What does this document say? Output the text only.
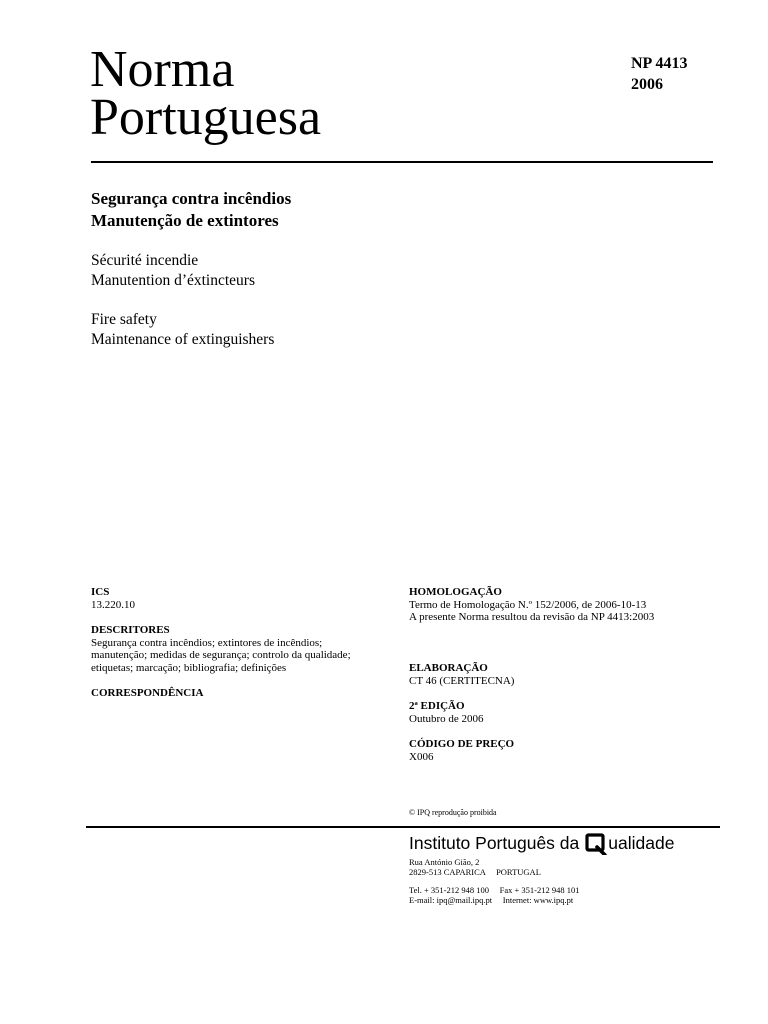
Norma
Portuguesa
NP 4413
2006
Segurança contra incêndios
Manutenção de extintores
Sécurité incendie
Manutention d’éxtincteurs
Fire safety
Maintenance of extinguishers
ICS
13.220.10
DESCRITORES
Segurança contra incêndios; extintores de incêndios;
manutenção; medidas de segurança; controlo da qualidade;
etiquetas; marcação; bibliografia; definições
CORRESPONDÊNCIA
HOMOLOGAÇÃO
Termo de Homologação N.º 152/2006, de 2006-10-13
A presente Norma resultou da revisão da NP 4413:2003
ELABORAÇÃO
CT 46 (CERTITECNA)
2ª EDIÇÃO
Outubro de 2006
CÓDIGO DE PREÇO
X006
© IPQ reprodução proibida
Instituto Português da ualidade
Rua António Gião, 2
2829-513 CAPARICA     PORTUGAL
Tel. + 351-212 948 100     Fax + 351-212 948 101
E-mail: ipq@mail.ipq.pt     Internet: www.ipq.pt
